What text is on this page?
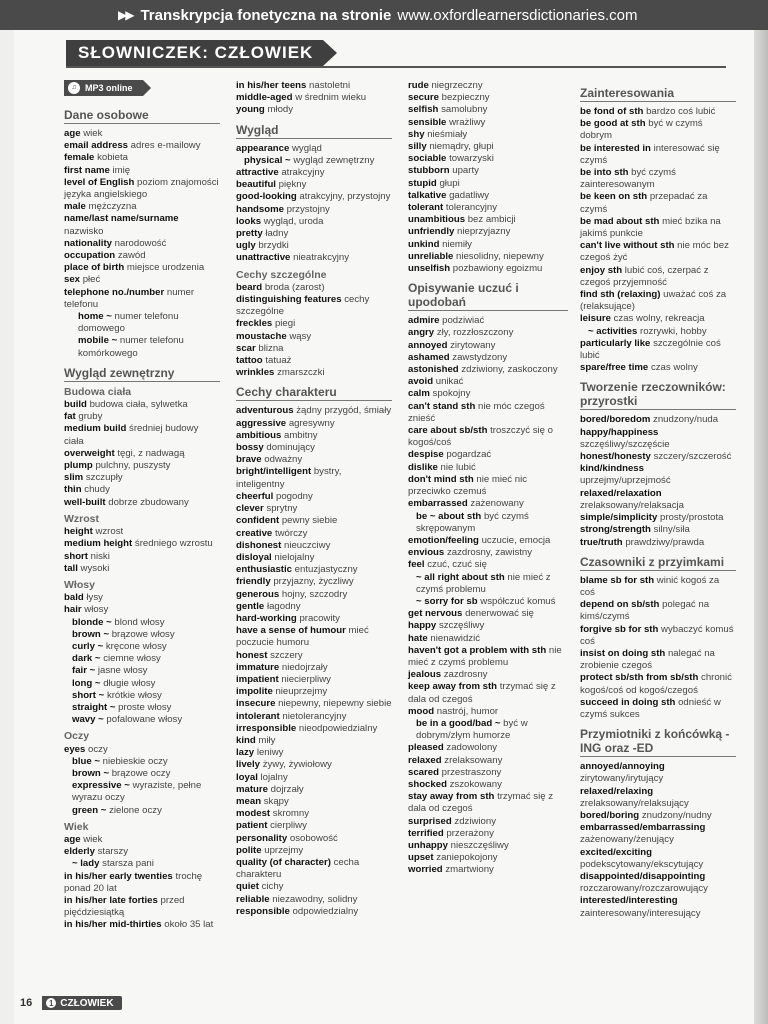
▶▶ Transkrypcja fonetyczna na stronie www.oxfordlearnersdictionaries.com
SŁOWNICZEK: CZŁOWIEK
♫ MP3 online
Dane osobowe
age wiek
email address adres e-mailowy
female kobieta
first name imię
level of English poziom znajomości języka angielskiego
male mężczyzna
name/last name/surname nazwisko
nationality narodowość
occupation zawód
place of birth miejsce urodzenia
sex płeć
telephone no./number numer telefonu
home ~ numer telefonu domowego
mobile ~ numer telefonu komórkowego
Wygląd zewnętrzny
Budowa ciała
build budowa ciała, sylwetka
fat gruby
medium build średniej budowy ciała
overweight tęgi, z nadwagą
plump pulchny, puszysty
slim szczupły
thin chudy
well-built dobrze zbudowany
Wzrost
height wzrost
medium height średniego wzrostu
short niski
tall wysoki
Włosy
bald łysy
hair włosy
blonde ~ blond włosy
brown ~ brązowe włosy
curly ~ kręcone włosy
dark ~ ciemne włosy
fair ~ jasne włosy
long ~ długie włosy
short ~ krótkie włosy
straight ~ proste włosy
wavy ~ pofalowane włosy
Oczy
eyes oczy
blue ~ niebieskie oczy
brown ~ brązowe oczy
expressive ~ wyraziste, pełne wyrazu oczy
green ~ zielone oczy
Wiek
age wiek
elderly starszy
~ lady starsza pani
in his/her early twenties trochę ponad 20 lat
in his/her late forties przed pięćdziesiątką
in his/her mid-thirties około 35 lat
in his/her teens nastoletni
middle-aged w średnim wieku
young młody
Wygląd
appearance wygląd
physical ~ wygląd zewnętrzny
attractive atrakcyjny
beautiful piękny
good-looking atrakcyjny, przystojny
handsome przystojny
looks wygląd, uroda
pretty ładny
ugly brzydki
unattractive nieatrakcyjny
Cechy szczególne
beard broda (zarost)
distinguishing features cechy szczególne
freckles piegi
moustache wąsy
scar blizna
tattoo tatuaż
wrinkles zmarszczki
Cechy charakteru
adventurous żądny przygód, śmiały
aggressive agresywny
ambitious ambitny
bossy dominujący
brave odważny
bright/intelligent bystry, inteligentny
cheerful pogodny
clever sprytny
confident pewny siebie
creative twórczy
dishonest nieuczciwy
disloyal nielojalny
enthusiastic entuzjastyczny
friendly przyjazny, życzliwy
generous hojny, szczodry
gentle łagodny
hard-working pracowity
have a sense of humour mieć poczucie humoru
honest szczery
immature niedojrzały
impatient niecierpliwy
impolite nieuprzejmy
insecure niepewny, niepewny siebie
intolerant nietolerancyjny
irresponsible nieodpowiedzialny
kind miły
lazy leniwy
lively żywy, żywiołowy
loyal lojalny
mature dojrzały
mean skąpy
modest skromny
patient cierpliwy
personality osobowość
polite uprzejmy
quality (of character) cecha charakteru
quiet cichy
reliable niezawodny, solidny
responsible odpowiedzialny
rude niegrzeczny
secure bezpieczny
selfish samolubny
sensible wrażliwy
shy nieśmiały
silly niemądry, głupi
sociable towarzyski
stubborn uparty
stupid głupi
talkative gadatliwy
tolerant tolerancyjny
unambitious bez ambicji
unfriendly nieprzyjazny
unkind niemiły
unreliable niesolidny, niepewny
unselfish pozbawiony egoizmu
Opisywanie uczuć i upodobań
admire podziwiać
angry zły, rozzłoszczony
annoyed zirytowany
ashamed zawstydzony
astonished zdziwiony, zaskoczony
avoid unikać
calm spokojny
can't stand sth nie móc czegoś znieść
care about sb/sth troszczyć się o kogoś/coś
despise pogardzać
dislike nie lubić
don't mind sth nie mieć nic przeciwko czemuś
embarrassed zażenowany
be ~ about sth być czymś skrępowanym
emotion/feeling uczucie, emocja
envious zazdrosny, zawistny
feel czuć, czuć się
~ all right about sth nie mieć z czymś problemu
~ sorry for sb współczuć komuś
get nervous denerwować się
happy szczęśliwy
hate nienawidzić
haven't got a problem with sth nie mieć z czymś problemu
jealous zazdrosny
keep away from sth trzymać się z dala od czegoś
mood nastrój, humor
be in a good/bad ~ być w dobrym/złym humorze
pleased zadowolony
relaxed zrelaksowany
scared przestraszony
shocked zszokowany
stay away from sth trzymać się z dala od czegoś
surprised zdziwiony
terrified przerażony
unhappy nieszczęśliwy
upset zaniepokojony
worried zmartwiony
Zainteresowania
be fond of sth bardzo coś lubić
be good at sth być w czymś dobrym
be interested in interesować się czymś
be into sth być czymś zainteresowanym
be keen on sth przepadać za czymś
be mad about sth mieć bzika na jakimś punkcie
can't live without sth nie móc bez czegoś żyć
enjoy sth lubić coś, czerpać z czegoś przyjemność
find sth (relaxing) uważać coś za (relaksujące)
leisure czas wolny, rekreacja
~ activities rozrywki, hobby
particularly like szczególnie coś lubić
spare/free time czas wolny
Tworzenie rzeczowników: przyrostki
bored/boredom znudzony/nuda
happy/happiness szczęśliwy/szczęście
honest/honesty szczery/szczerość
kind/kindness uprzejmy/uprzejmość
relaxed/relaxation zrelaksowany/relaksacja
simple/simplicity prosty/prostota
strong/strength silny/siła
true/truth prawdziwy/prawda
Czasowniki z przyimkami
blame sb for sth winić kogoś za coś
depend on sb/sth polegać na kimś/czymś
forgive sb for sth wybaczyć komuś coś
insist on doing sth nalegać na zrobienie czegoś
protect sb/sth from sb/sth chronić kogoś/coś od kogoś/czegoś
succeed in doing sth odnieść w czymś sukces
Przymiotniki z końcówką -ING oraz -ED
annoyed/annoying zirytowany/irytujący
relaxed/relaxing zrelaksowany/relaksujący
bored/boring znudzony/nudny
embarrassed/embarrassing zażenowany/żenujący
excited/exciting podekscytowany/ekscytujący
disappointed/disappointing rozczarowany/rozczarowujący
interested/interesting zainteresowany/interesujący
16	1 CZŁOWIEK
